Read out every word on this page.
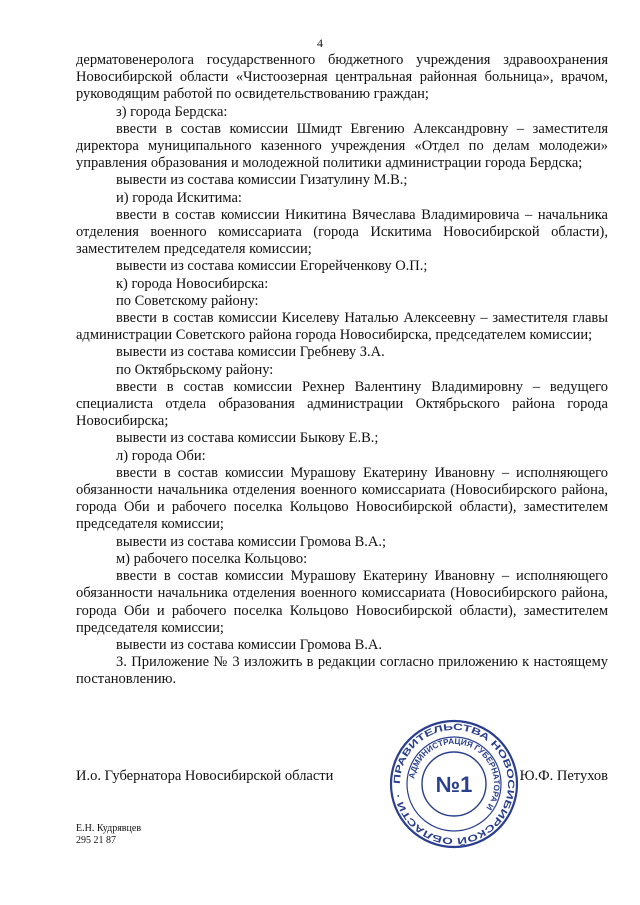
4

дерматовенеролога государственного бюджетного учреждения здравоохранения Новосибирской области «Чистоозерная центральная районная больница», врачом, руководящим работой по освидетельствованию граждан;

з) города Бердска:

ввести в состав комиссии Шмидт Евгению Александровну – заместителя директора муниципального казенного учреждения «Отдел по делам молодежи» управления образования и молодежной политики администрации города Бердска;

вывести из состава комиссии Гизатулину М.В.;

и) города Искитима:

ввести в состав комиссии Никитина Вячеслава Владимировича – начальника отделения военного комиссариата (города Искитима Новосибирской области), заместителем председателя комиссии;

вывести из состава комиссии Егорейченкову О.П.;

к) города Новосибирска:

по Советскому району:

ввести в состав комиссии Киселеву Наталью Алексеевну – заместителя главы администрации Советского района города Новосибирска, председателем комиссии;

вывести из состава комиссии Гребневу З.А.

по Октябрьскому району:

ввести в состав комиссии Рехнер Валентину Владимировну – ведущего специалиста отдела образования администрации Октябрьского района города Новосибирска;

вывести из состава комиссии Быкову Е.В.;

л) города Оби:

ввести в состав комиссии Мурашову Екатерину Ивановну – исполняющего обязанности начальника отделения военного комиссариата (Новосибирского района, города Оби и рабочего поселка Кольцово Новосибирской области), заместителем председателя комиссии;

вывести из состава комиссии Громова В.А.;

м) рабочего поселка Кольцово:

ввести в состав комиссии Мурашову Екатерину Ивановну – исполняющего обязанности начальника отделения военного комиссариата (Новосибирского района, города Оби и рабочего поселка Кольцово Новосибирской области), заместителем председателя комиссии;

вывести из состава комиссии Громова В.А.

3. Приложение № 3 изложить в редакции согласно приложению к настоящему постановлению.

И.о. Губернатора Новосибирской области	Ю.Ф. Петухов
ПРАВИТЕЛЬСТВА НОВОСИБИРСКОЙ ОБЛАСТИ ·
АДМИНИСТРАЦИЯ ГУБЕРНАТОРА И
№1
Е.Н. Кудрявцев
295 21 87
